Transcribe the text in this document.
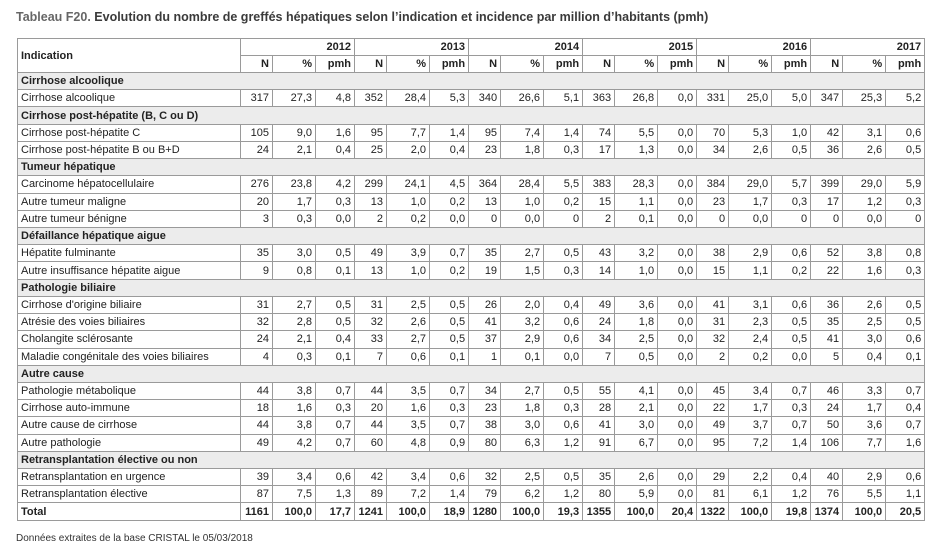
Tableau F20. Evolution du nombre de greffés hépatiques selon l’indication et incidence par million d’habitants (pmh)
Indication	2012			2013			2014			2015			2016			2017		
	N	%	pmh	N	%	pmh	N	%	pmh	N	%	pmh	N	%	pmh	N	%	pmh
Cirrhose alcoolique																		
Cirrhose alcoolique	317	27,3	4,8	352	28,4	5,3	340	26,6	5,1	363	26,8	0,0	331	25,0	5,0	347	25,3	5,2
Cirrhose post-hépatite (B, C ou D)																		
Cirrhose post-hépatite C	105	9,0	1,6	95	7,7	1,4	95	7,4	1,4	74	5,5	0,0	70	5,3	1,0	42	3,1	0,6
Cirrhose post-hépatite B ou B+D	24	2,1	0,4	25	2,0	0,4	23	1,8	0,3	17	1,3	0,0	34	2,6	0,5	36	2,6	0,5
Tumeur hépatique																		
Carcinome hépatocellulaire	276	23,8	4,2	299	24,1	4,5	364	28,4	5,5	383	28,3	0,0	384	29,0	5,7	399	29,0	5,9
Autre tumeur maligne	20	1,7	0,3	13	1,0	0,2	13	1,0	0,2	15	1,1	0,0	23	1,7	0,3	17	1,2	0,3
Autre tumeur bénigne	3	0,3	0,0	2	0,2	0,0	0	0,0	0	2	0,1	0,0	0	0,0	0	0	0,0	0
Défaillance hépatique aigue																		
Hépatite fulminante	35	3,0	0,5	49	3,9	0,7	35	2,7	0,5	43	3,2	0,0	38	2,9	0,6	52	3,8	0,8
Autre insuffisance hépatite aigue	9	0,8	0,1	13	1,0	0,2	19	1,5	0,3	14	1,0	0,0	15	1,1	0,2	22	1,6	0,3
Pathologie biliaire																		
Cirrhose d'origine biliaire	31	2,7	0,5	31	2,5	0,5	26	2,0	0,4	49	3,6	0,0	41	3,1	0,6	36	2,6	0,5
Atrésie des voies biliaires	32	2,8	0,5	32	2,6	0,5	41	3,2	0,6	24	1,8	0,0	31	2,3	0,5	35	2,5	0,5
Cholangite sclérosante	24	2,1	0,4	33	2,7	0,5	37	2,9	0,6	34	2,5	0,0	32	2,4	0,5	41	3,0	0,6
Maladie congénitale des voies biliaires	4	0,3	0,1	7	0,6	0,1	1	0,1	0,0	7	0,5	0,0	2	0,2	0,0	5	0,4	0,1
Autre cause																		
Pathologie métabolique	44	3,8	0,7	44	3,5	0,7	34	2,7	0,5	55	4,1	0,0	45	3,4	0,7	46	3,3	0,7
Cirrhose auto-immune	18	1,6	0,3	20	1,6	0,3	23	1,8	0,3	28	2,1	0,0	22	1,7	0,3	24	1,7	0,4
Autre cause de cirrhose	44	3,8	0,7	44	3,5	0,7	38	3,0	0,6	41	3,0	0,0	49	3,7	0,7	50	3,6	0,7
Autre pathologie	49	4,2	0,7	60	4,8	0,9	80	6,3	1,2	91	6,7	0,0	95	7,2	1,4	106	7,7	1,6
Retransplantation élective ou non																		
Retransplantation en urgence	39	3,4	0,6	42	3,4	0,6	32	2,5	0,5	35	2,6	0,0	29	2,2	0,4	40	2,9	0,6
Retransplantation élective	87	7,5	1,3	89	7,2	1,4	79	6,2	1,2	80	5,9	0,0	81	6,1	1,2	76	5,5	1,1
Total	1161	100,0	17,7	1241	100,0	18,9	1280	100,0	19,3	1355	100,0	20,4	1322	100,0	19,8	1374	100,0	20,5
Données extraites de la base CRISTAL le 05/03/2018
